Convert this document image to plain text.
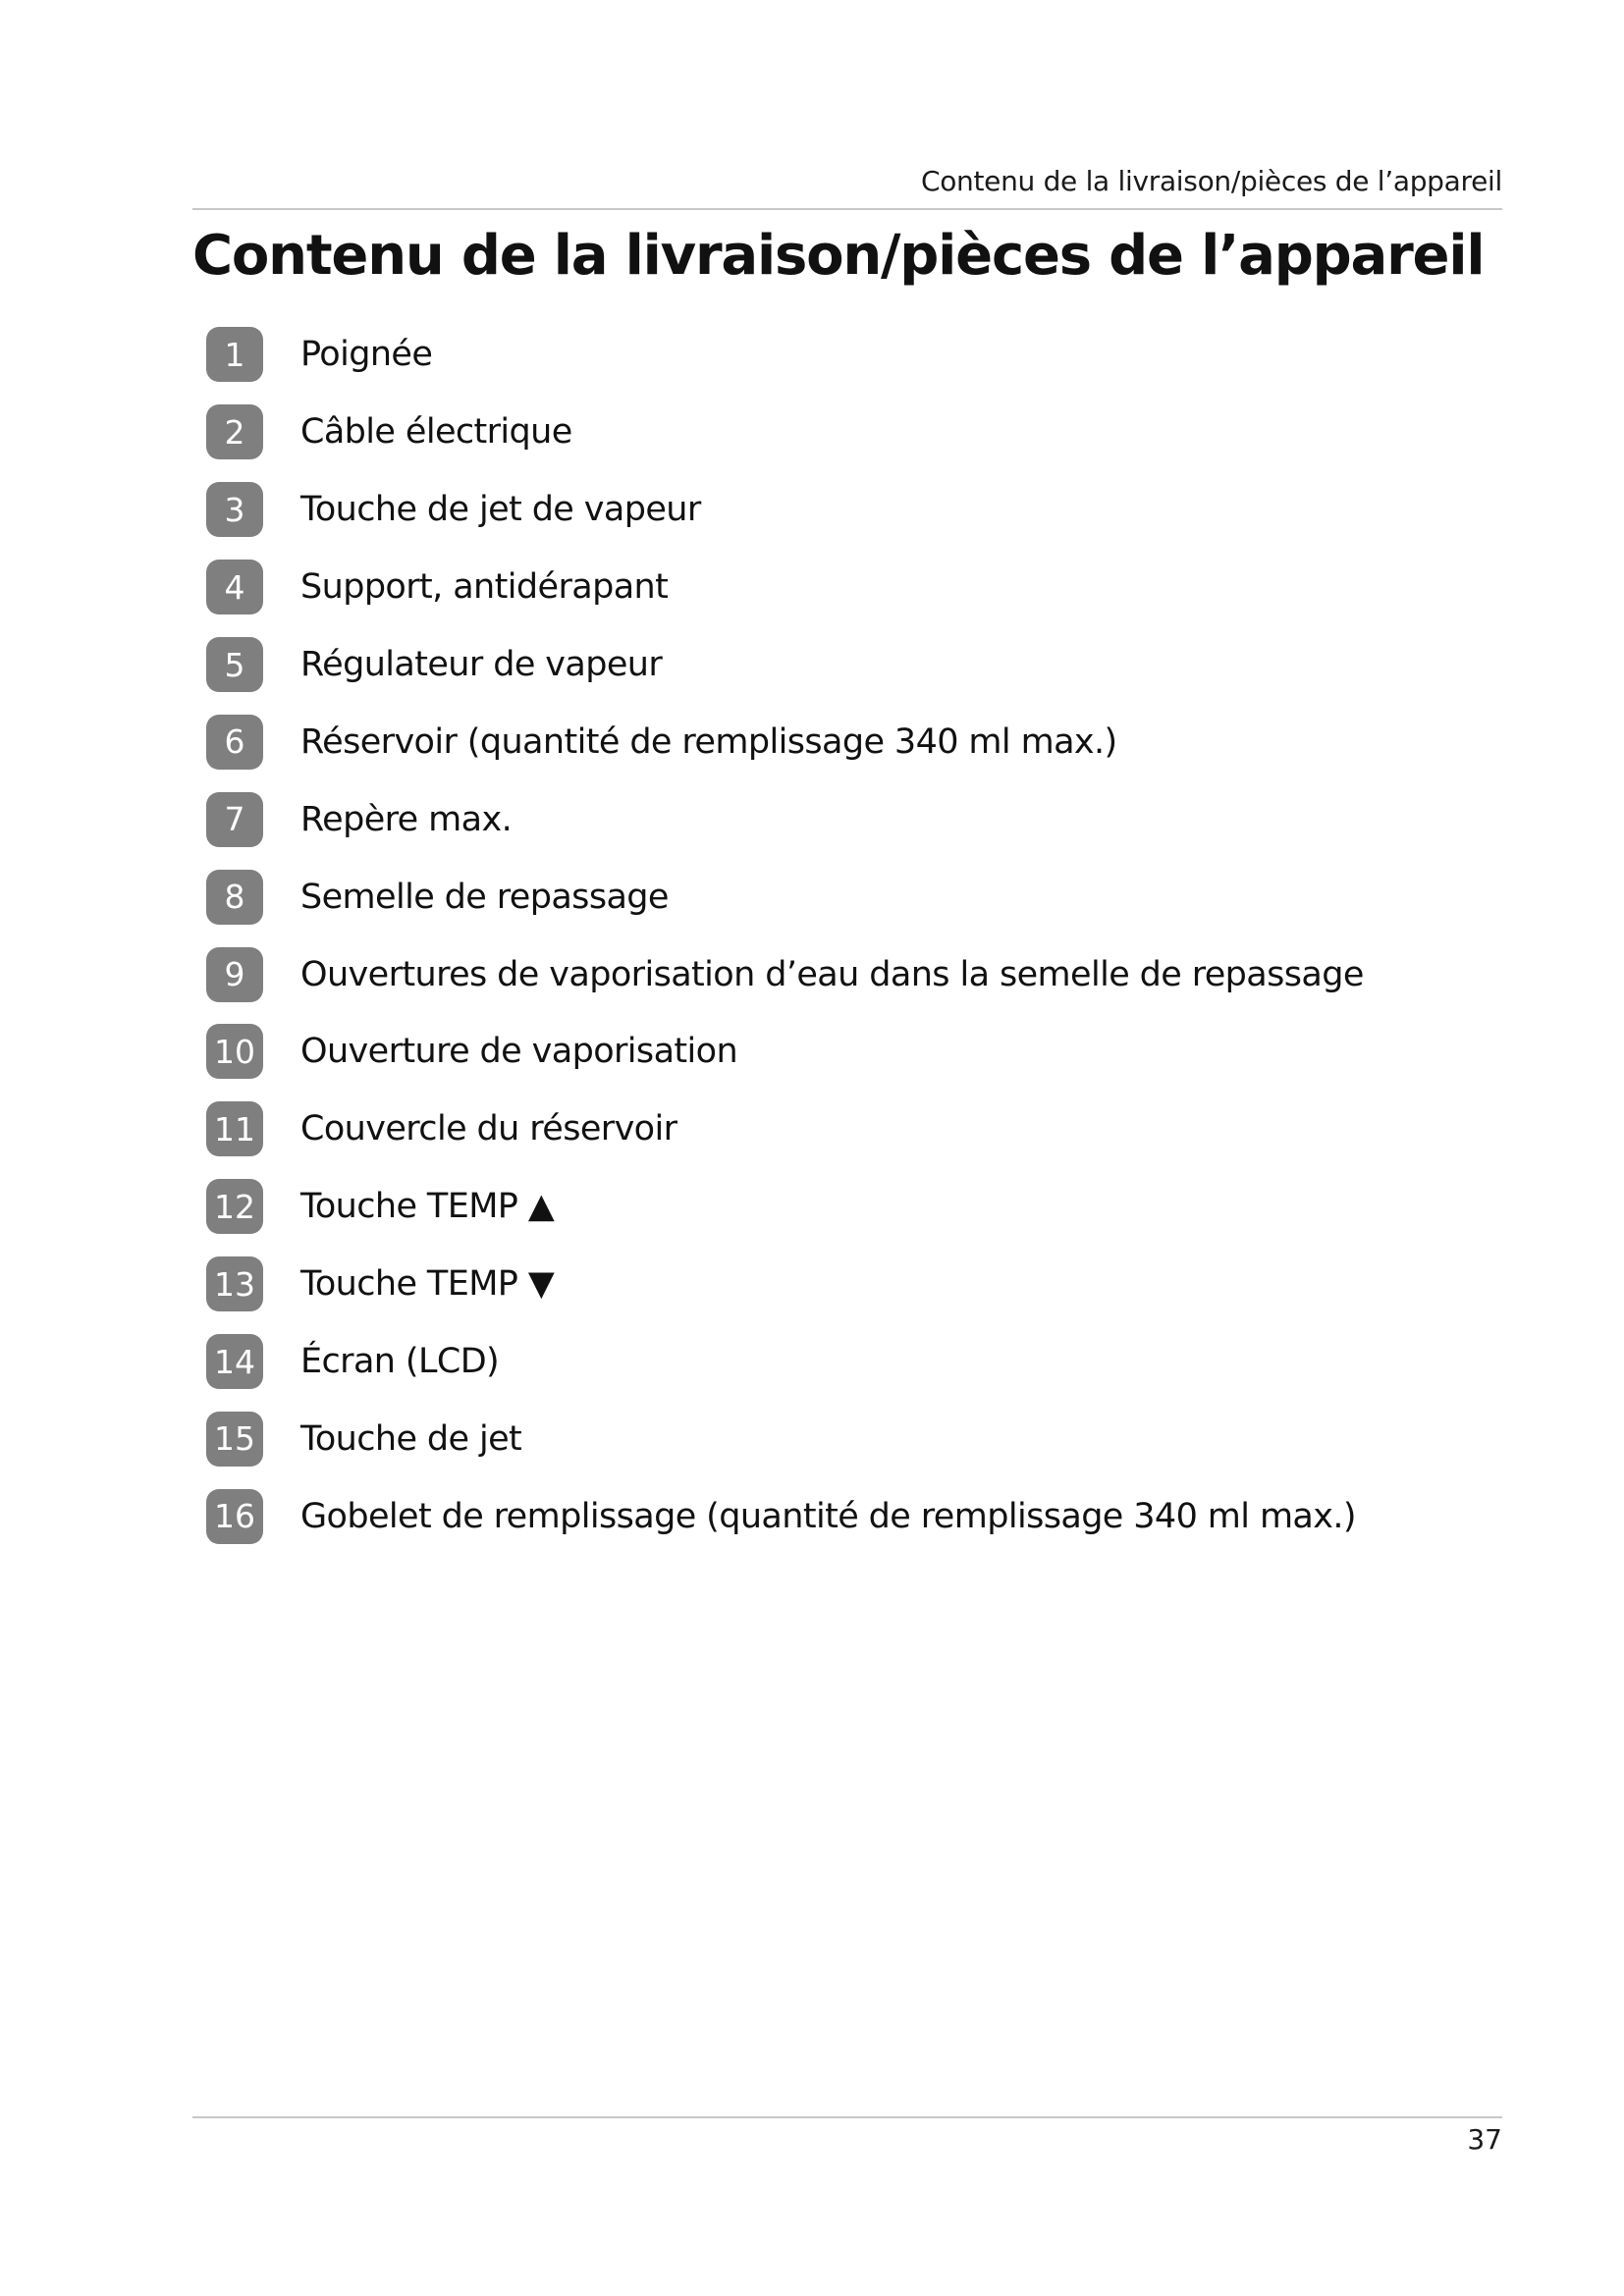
Contenu de la livraison/pièces de l’appareil
Contenu de la livraison/pièces de l’appareil
1	Poignée
2	Câble électrique
3	Touche de jet de vapeur
4	Support, antidérapant
5	Régulateur de vapeur
6	Réservoir (quantité de remplissage 340 ml max.)
7	Repère max.
8	Semelle de repassage
9	Ouvertures de vaporisation d’eau dans la semelle de repassage
10 Ouverture de vaporisation
11 Couvercle du réservoir
12 Touche TEMP ▲
13 Touche TEMP ▼
14 Écran (LCD)
15 Touche de jet
16 Gobelet de remplissage (quantité de remplissage 340 ml max.)
37
